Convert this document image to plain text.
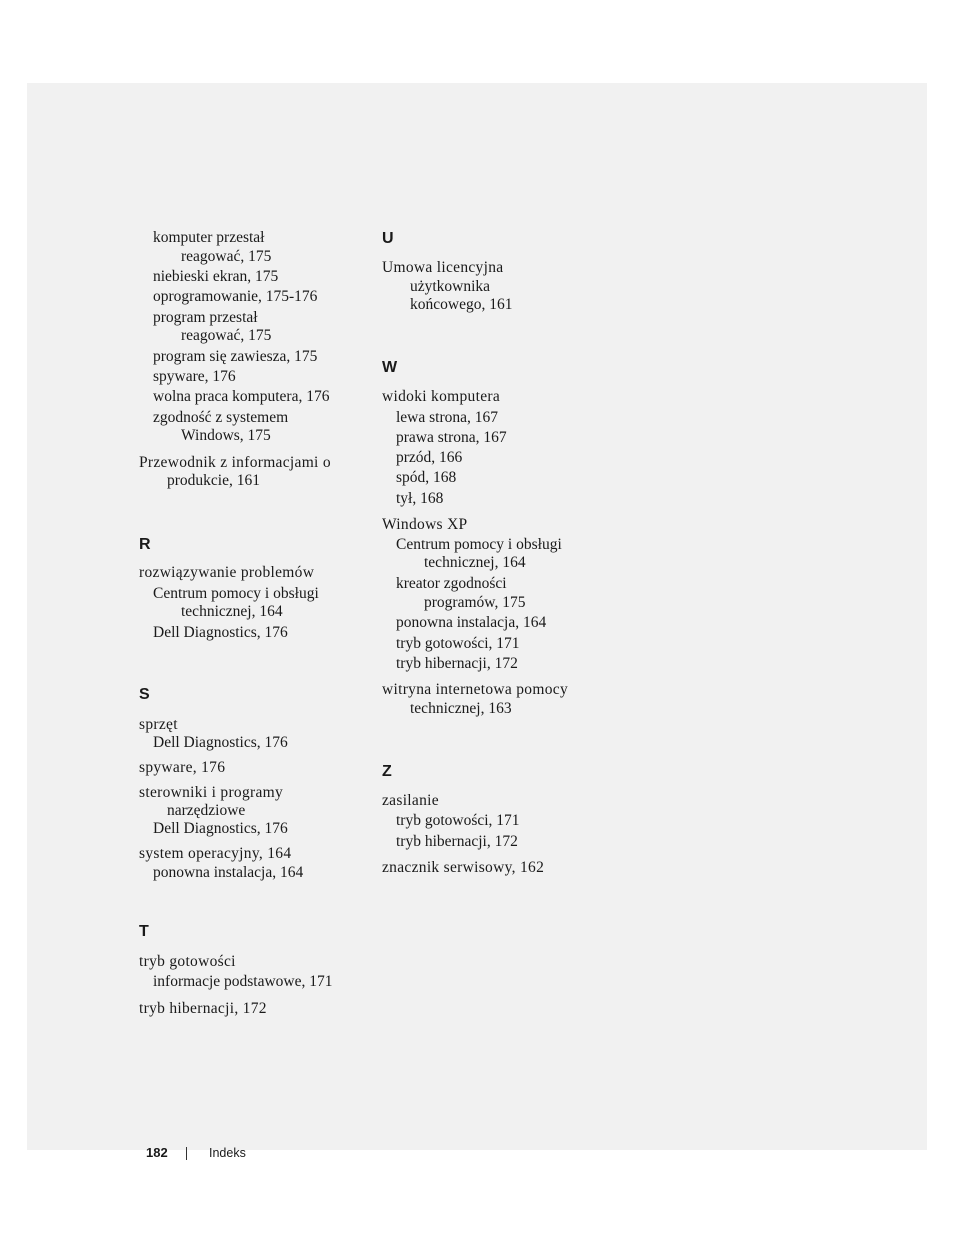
komputer przestał
reagować, 175
niebieski ekran, 175
oprogramowanie, 175-176
program przestał
reagować, 175
program się zawiesza, 175
spyware, 176
wolna praca komputera, 176
zgodność z systemem
Windows, 175
Przewodnik z informacjami o
produkcie, 161
R
rozwiązywanie problemów
Centrum pomocy i obsługi
technicznej, 164
Dell Diagnostics, 176
S
sprzęt
Dell Diagnostics, 176
spyware, 176
sterowniki i programy
narzędziowe
Dell Diagnostics, 176
system operacyjny, 164
ponowna instalacja, 164
T
tryb gotowości
informacje podstawowe, 171
tryb hibernacji, 172
U
Umowa licencyjna
użytkownika
końcowego, 161
W
widoki komputera
lewa strona, 167
prawa strona, 167
przód, 166
spód, 168
tył, 168
Windows XP
Centrum pomocy i obsługi
technicznej, 164
kreator zgodności
programów, 175
ponowna instalacja, 164
tryb gotowości, 171
tryb hibernacji, 172
witryna internetowa pomocy
technicznej, 163
Z
zasilanie
tryb gotowości, 171
tryb hibernacji, 172
znacznik serwisowy, 162
182	Indeks
